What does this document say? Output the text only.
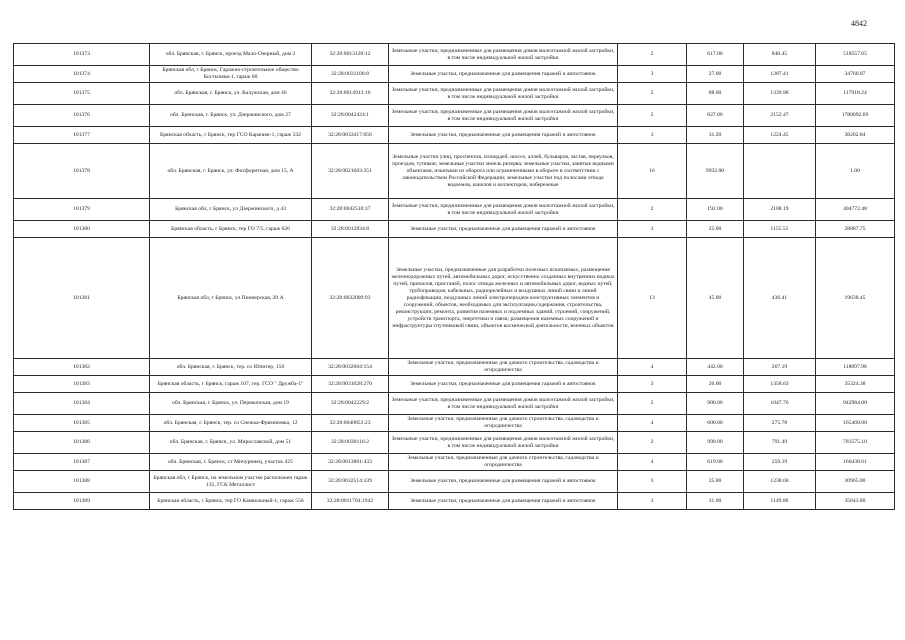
4842
101373	обл. Брянская, г. Брянск, проезд Мало-Озерный, дом 2	32:28:0013120:12	Земельные участки, предназначенные для размещения домов малоэтажной жилой застройки, в том числе индивидуальной жилой застройки	2	617.00	840.45	518557.65
101374	Брянская обл, г Брянск, Гаражно-строительное общество Костычева-1, гараж 60	32:28:0031100:8	Земельные участки, предназначенные для размещения гаражей и автостоянок	3	27.00	1287.41	34760.07
101375	обл. Брянская, г. Брянск, ул. Калужская, дом 46	32:28:0014913:10	Земельные участки, предназначенные для размещения домов малоэтажной жилой застройки, в том числе индивидуальной жилой застройки	2	88.00	1339.98	117918.24
101376	обл. Брянская, г. Брянск, ул. Дзержинского, дом 27	32:28:0042424:1	Земельные участки, предназначенные для размещения домов малоэтажной жилой застройки, в том числе индивидуальной жилой застройки	2	827.00	2152.47	1780092.69
101377	Брянская область, г Брянск, тер ГСО Карачиж-1, гараж 332	32:28:0033417:656	Земельные участки, предназначенные для размещения гаражей и автостоянок	3	31.20	1224.45	38202.84
101378	обл. Брянская, г. Брянск, ул. Фосфоритная, дом 15, А	32:28:0021603:351	Земельные участки улиц, проспектов, площадей, шоссе, аллей, бульваров, застав, переулков, проездов, тупиков; земельные участки земель резерва; земельные участки, занятые водными объектами, изъятыми из оборота или ограниченными в обороте в соответствии с законодательством Российской Федерации; земельные участки под полосами отвода водоемов, каналов и коллекторов, набережные	16	9932.00		1.00
101379	Брянская обл, г Брянск, ул Дзержинского, д 43	32:28:0042510:37	Земельные участки, предназначенные для размещения домов малоэтажной жилой застройки, в том числе индивидуальной жилой застройки	2	192.00	2108.19	404772.48
101380	Брянская область, г Брянск, тер ГО 7/5, гараж 626	32:28:0012834:8	Земельные участки, предназначенные для размещения гаражей и автостоянок	3	25.00	1155.51	28887.75
101381	Брянская обл, г Брянск, ул Пионерская, 20 А	32:28:0032009:93	Земельные участки, предназначенные для разработки полезных ископаемых, размещения железнодорожных путей, автомобильных дорог, искусственно созданных внутренних водных путей, причалов, пристаней, полос отвода железных и автомобильных дорог, водных путей, трубопроводов, кабельных, радиорелейных и воздушных линий связи и линий радиофикации, воздушных линий электропередачи конструктивных элементов и сооружений, объектов, необходимых для эксплуатации,содержания, строительства, реконструкции, ремонта, развития наземных и подземных зданий, строений, сооружений, устройств транспорта, энергетики и связи; размещения наземных сооружений и инфраструктуры спутниковой связи, объектов космической деятельности, военных объектов	13	45.00	436.41	19638.45
101382	обл. Брянская, г. Брянск, тер. со Юпитер, 156	32:28:0032604:154	Земельные участки, предназначенные для дачного строительства, садоводства и огородничества	4	442.00	267.19	118097.98
101383	Брянская область, г Брянск, гараж 107, тер. ГСО " Дружба-1"	32:28:0031628:270	Земельные участки, предназначенные для размещения гаражей и автостоянок	3	26.00	1358.63	35324.38
101384	обл. Брянская, г. Брянск, ул. Перекопская, дом 19	32:28:0042229:2	Земельные участки, предназначенные для размещения домов малоэтажной жилой застройки, в том числе индивидуальной жилой застройки	2	900.00	1047.76	942984.00
101385	обл. Брянская, г. Брянск, тер. со Снежка-Фрязиновка, 12	32:28:0040853:23	Земельные участки, предназначенные для дачного строительства, садоводства и огородничества	4	600.00	275.78	165468.00
101386	обл. Брянская, г. Брянск, ул. Мирославской, дом 51	32:28:0030116:2	Земельные участки, предназначенные для размещения домов малоэтажной жилой застройки, в том числе индивидуальной жилой застройки	2	990.00	791.49	783575.10
101387	обл. Брянская, г. Брянск, ст Мичуринец, участок 425	32:28:0013801:433	Земельные участки, предназначенные для дачного строительства, садоводства и огородничества	4	619.00	259.19	160438.61
101388	Брянская обл, г Брянск, на земельном участке расположен гараж 135, ГСК Металлист	32:28:0032514:339	Земельные участки, предназначенные для размещения гаражей и автостоянок	3	25.00	1238.60	30965.00
101389	Брянская область, г Брянск, тер ГО Камвольный-1, гараж 556	32:28:0011704:1942	Земельные участки, предназначенные для размещения гаражей и автостоянок	3	31.00	1149.80	35643.80
